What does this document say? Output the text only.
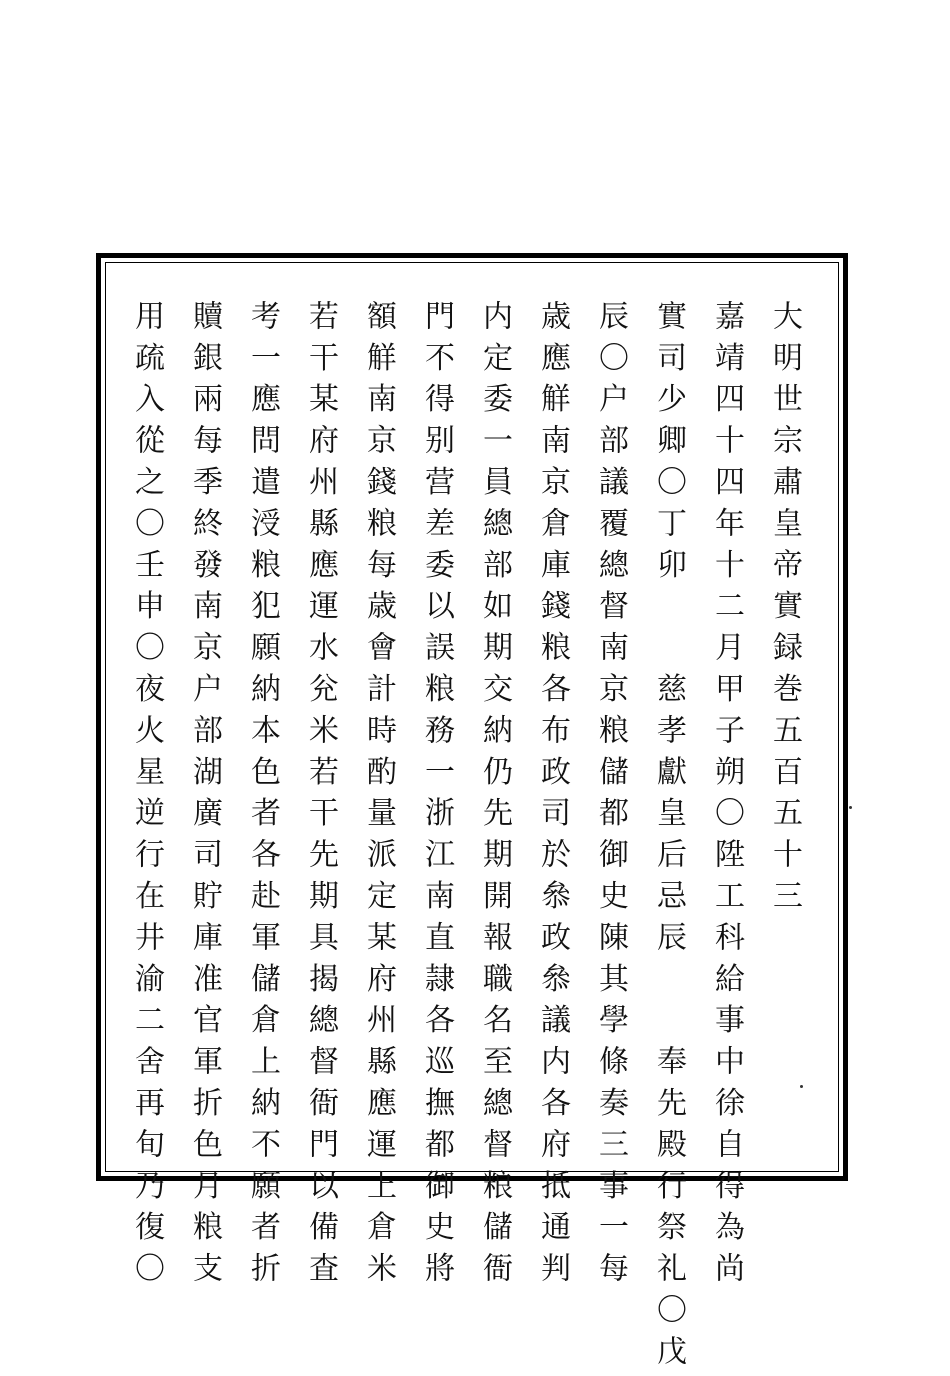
大明世宗肅皇帝實録巻五百五十三
嘉靖四十四年十二月甲子朔〇陞工科給事中徐自得為尚
實司少卿〇丁卯　　慈孝獻皇后忌辰　　奉先殿行祭礼〇戊
辰〇户部議覆總督南京粮儲都御史陳其學條奏三事一每
歳應觧南京倉庫錢粮各布政司於叅政叅議内各府抵通判
内定委一員總部如期交納仍先期開報職名至總督粮儲衙
門不得别营差委以誤粮務一浙江南直隷各巡撫都御史將
額觧南京錢粮每歳會計時酌量派定某府州縣應運上倉米
若干某府州縣應運水兊米若干先期具揭總督衙門以備査
考一應問遣涭粮犯願納本色者各赴軍儲倉上納不願者折
贖銀兩每季終發南京户部湖廣司貯庫准官軍折色月粮支
用疏入從之〇壬申〇夜火星逆行在井渝二舍再旬乃復〇
